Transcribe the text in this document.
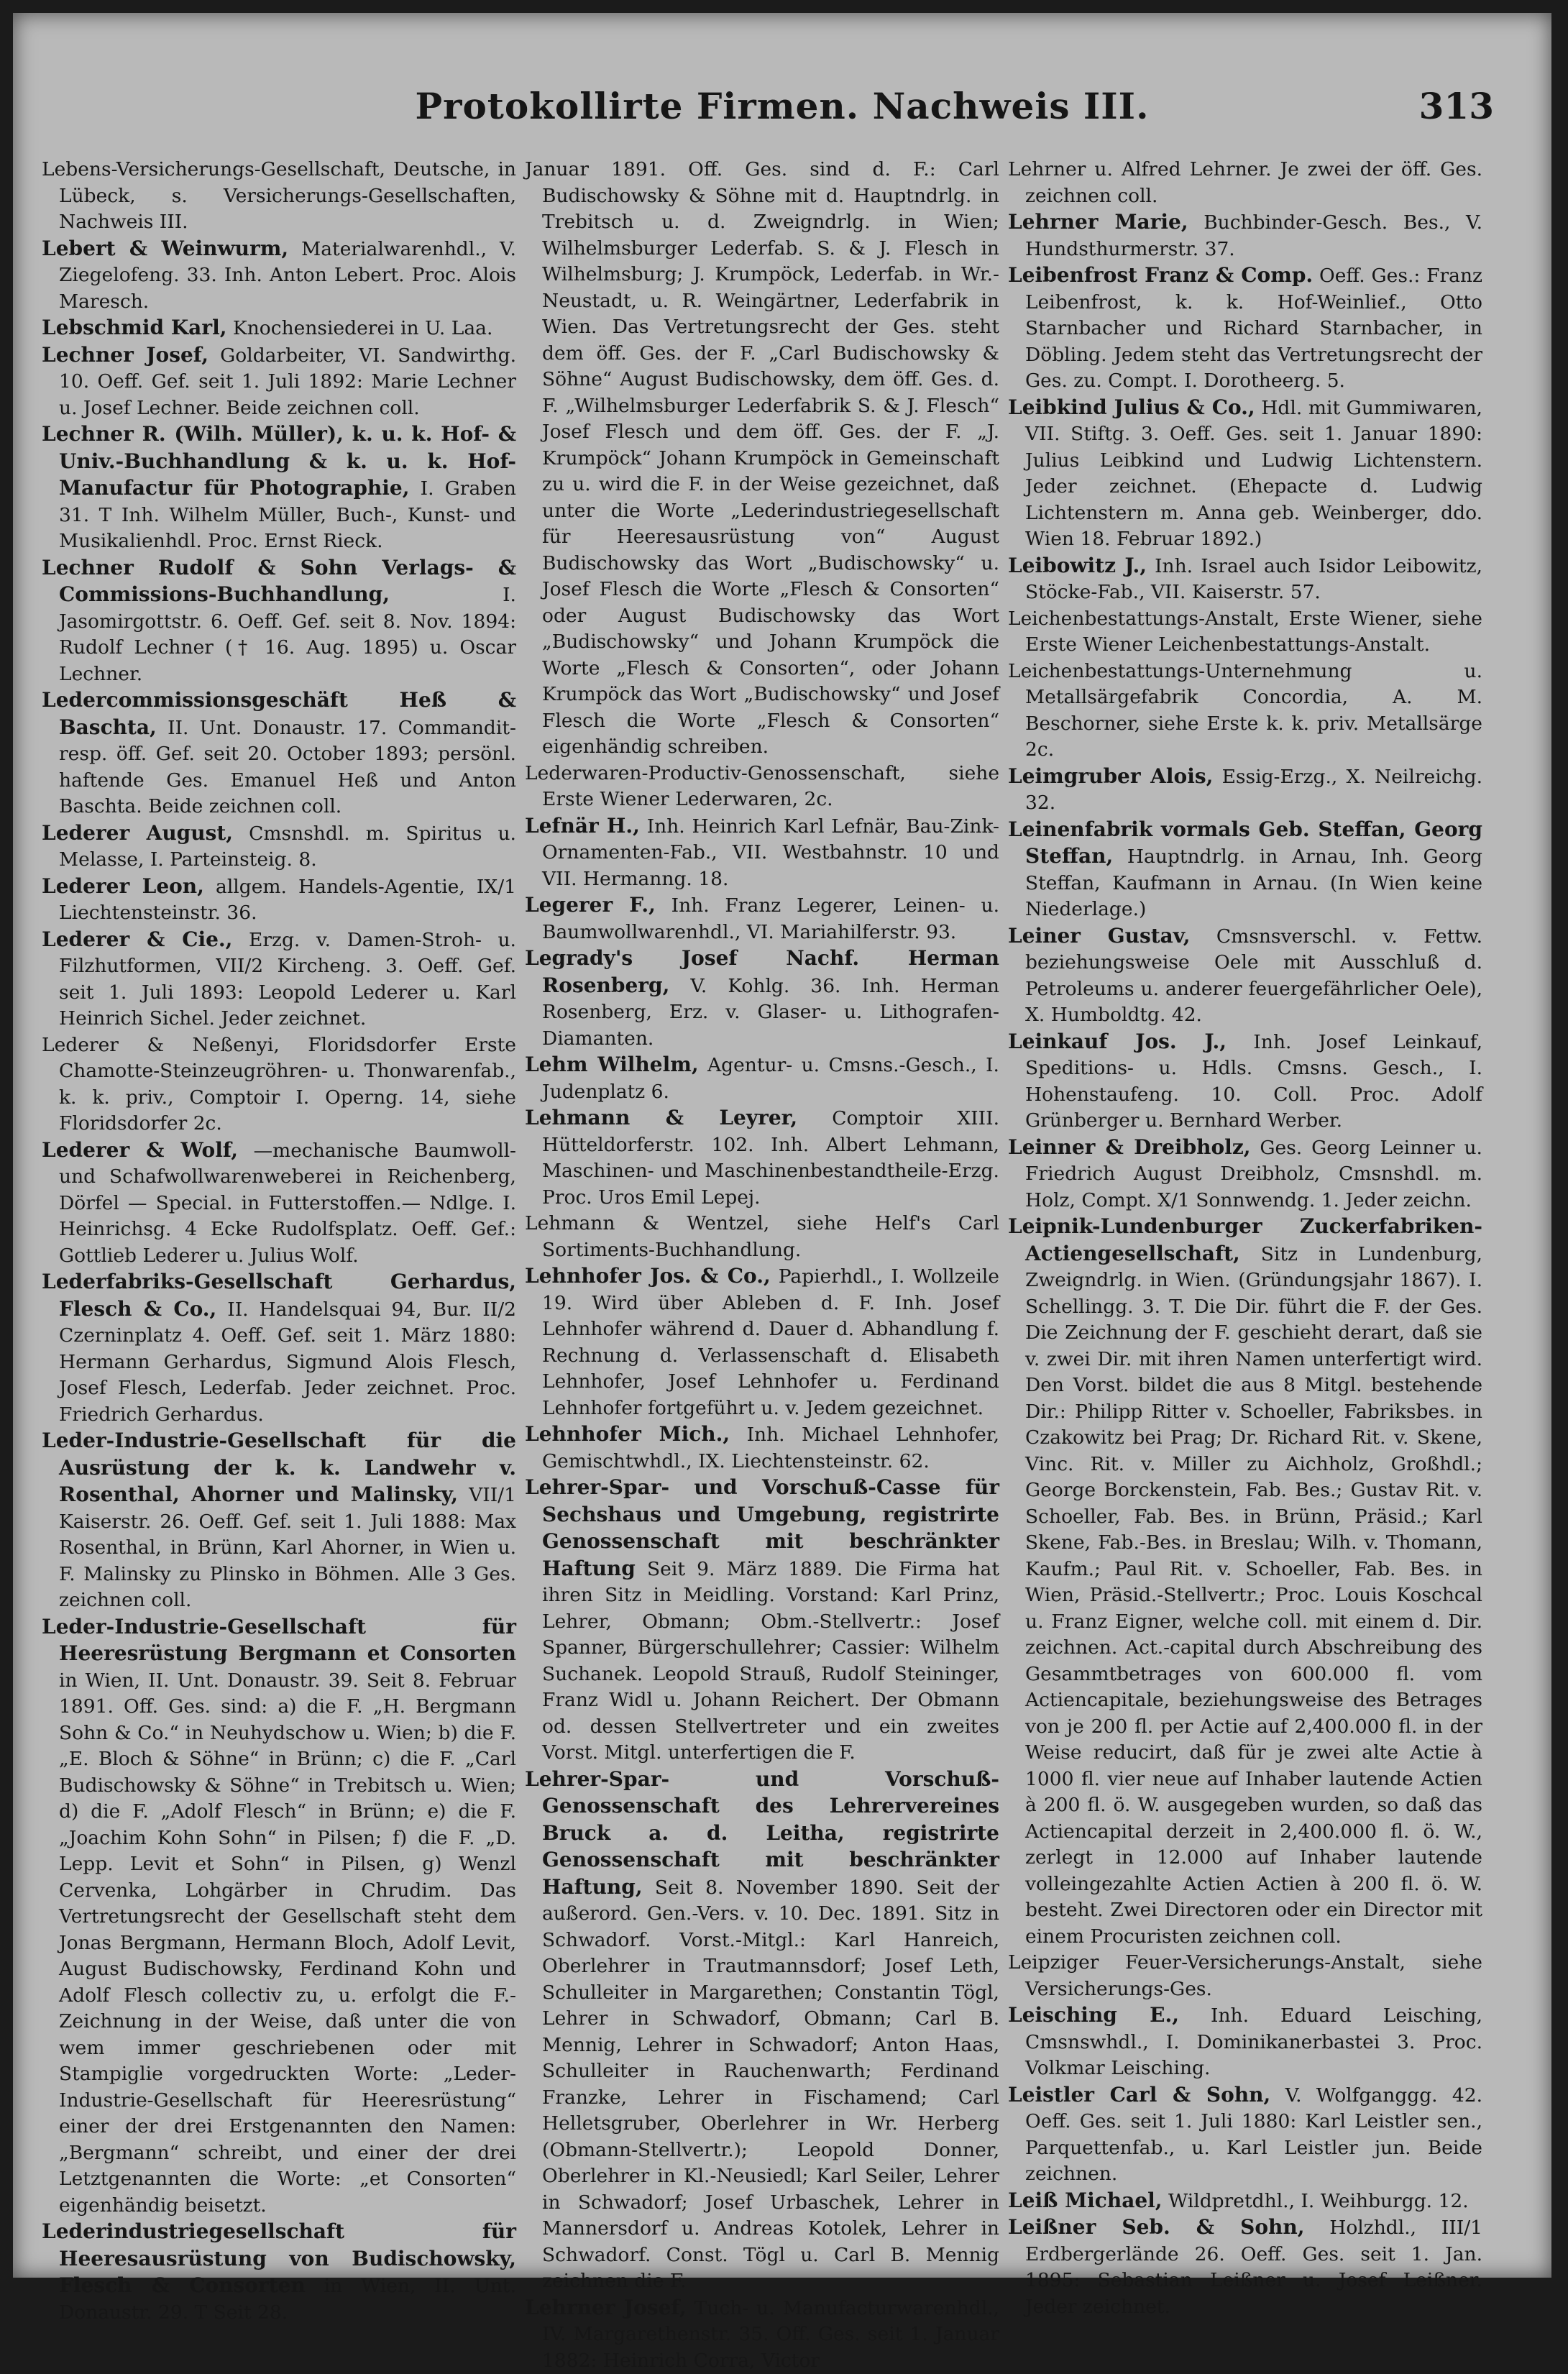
Protokollirte Firmen. Nachweis III.	313

Lebens-Versicherungs-Gesellschaft, Deutsche, in Lübeck, s. Versicherungs-Gesellschaften, Nachweis III.

Lebert & Weinwurm, Materialwarenhdl., V. Ziegelofeng. 33. Inh. Anton Lebert. Proc. Alois Maresch.

Lebschmid Karl, Knochensiederei in U. Laa.

Lechner Josef, Goldarbeiter, VI. Sandwirthg. 10. Oeff. Gef. seit 1. Juli 1892: Marie Lechner u. Josef Lechner. Beide zeichnen coll.

Lechner R. (Wilh. Müller), k. u. k. Hof- & Univ.-Buchhandlung & k. u. k. Hof-Manufactur für Photographie, I. Graben 31. T Inh. Wilhelm Müller, Buch-, Kunst- und Musikalienhdl. Proc. Ernst Rieck.

Lechner Rudolf & Sohn Verlags- & Commissions-Buchhandlung,	I. Jasomirgottstr. 6. Oeff. Gef. seit 8. Nov. 1894: Rudolf Lechner († 16. Aug. 1895) u. Oscar Lechner.

Ledercommissionsgeschäft Heß & Baschta, II. Unt. Donaustr. 17. Commandit- resp. öff. Gef. seit 20. October 1893; persönl. haftende Ges. Emanuel Heß und Anton Baschta. Beide zeichnen coll.

Lederer August, Cmsnshdl. m. Spiritus u. Melasse, I. Parteinsteig. 8.

Lederer Leon, allgem. Handels-Agentie, IX/1 Liechtensteinstr. 36.

Lederer & Cie., Erzg. v. Damen-Stroh- u. Filzhutformen, VII/2 Kircheng. 3. Oeff. Gef. seit 1. Juli 1893: Leopold Lederer u. Karl Heinrich Sichel. Jeder zeichnet.

Lederer & Neßenyi, Floridsdorfer Erste Chamotte-Steinzeugröhren- u. Thonwarenfab., k. k. priv., Comptoir I. Operng. 14, siehe Floridsdorfer 2c.

Lederer & Wolf, —mechanische Baumwoll- und Schafwollwarenweberei in Reichenberg, Dörfel — Special. in Futterstoffen.— Ndlge. I. Heinrichsg. 4 Ecke Rudolfsplatz. Oeff. Gef.: Gottlieb Lederer u. Julius Wolf.

Lederfabriks-Gesellschaft Gerhardus, Flesch & Co., II. Handelsquai 94, Bur. II/2 Czerninplatz 4. Oeff. Gef. seit 1. März 1880: Hermann Gerhardus, Sigmund Alois Flesch, Josef Flesch, Lederfab. Jeder zeichnet. Proc. Friedrich Gerhardus.

Leder-Industrie-Gesellschaft für die Ausrüstung der k. k. Landwehr v. Rosenthal, Ahorner und Malinsky, VII/1 Kaiserstr. 26. Oeff. Gef. seit 1. Juli 1888: Max Rosenthal, in Brünn, Karl Ahorner, in Wien u. F. Malinsky zu Plinsko in Böhmen. Alle 3 Ges. zeichnen coll.

Leder-Industrie-Gesellschaft für Heeresrüstung Bergmann et Consorten in Wien, II. Unt. Donaustr. 39. Seit 8. Februar 1891. Off. Ges. sind: a) die F. „H. Bergmann Sohn & Co.“ in Neuhydschow u. Wien; b) die F. „E. Bloch & Söhne“ in Brünn; c) die F. „Carl Budischowsky & Söhne“ in Trebitsch u. Wien; d) die F. „Adolf Flesch“ in Brünn; e) die F. „Joachim Kohn Sohn“ in Pilsen; f) die F. „D. Lepp. Levit et Sohn“ in Pilsen, g) Wenzl Cervenka, Lohgärber in Chrudim. Das Vertretungsrecht der Gesellschaft steht dem Jonas Bergmann, Hermann Bloch, Adolf Levit, August Budischowsky, Ferdinand Kohn und Adolf Flesch collectiv zu, u. erfolgt die F.-Zeichnung in der Weise, daß unter die von wem immer geschriebenen oder mit Stampiglie vorgedruckten Worte: „Leder-Industrie-Gesellschaft für Heeresrüstung“ einer der drei Erstgenannten den Namen: „Bergmann“ schreibt, und einer der drei Letztgenannten die Worte: „et Consorten“ eigenhändig beisetzt.

Lederindustriegesellschaft für Heeresausrüstung von Budischowsky, Flesch & Consorten in Wien, II. Unt. Donaustr. 29. T Seit 28.

Januar 1891. Off. Ges. sind d. F.: Carl Budischowsky & Söhne mit d. Hauptndrlg. in Trebitsch u. d. Zweigndrlg. in Wien; Wilhelmsburger Lederfab. S. & J. Flesch in Wilhelmsburg; J. Krumpöck, Lederfab. in Wr.-Neustadt, u. R. Weingärtner, Lederfabrik in Wien. Das Vertretungsrecht der Ges. steht dem öff. Ges. der F. „Carl Budischowsky & Söhne“ August Budischowsky, dem öff. Ges. d. F. „Wilhelmsburger Lederfabrik S. & J. Flesch“ Josef Flesch und dem öff. Ges. der F. „J. Krumpöck“ Johann Krumpöck in Gemeinschaft zu u. wird die F. in der Weise gezeichnet, daß unter die Worte „Lederindustriegesellschaft für Heeresausrüstung von“ August Budischowsky das Wort „Budischowsky“ u. Josef Flesch die Worte „Flesch & Consorten“ oder August Budischowsky das Wort „Budischowsky“ und Johann Krumpöck die Worte „Flesch & Consorten“, oder Johann Krumpöck das Wort „Budischowsky“ und Josef Flesch die Worte „Flesch & Consorten“ eigenhändig schreiben.

Lederwaren-Productiv-Genossenschaft, siehe Erste Wiener Lederwaren, 2c.

Lefnär H., Inh. Heinrich Karl Lefnär, Bau-Zink-Ornamenten-Fab., VII. Westbahnstr. 10 und VII. Hermanng. 18.

Legerer F., Inh. Franz Legerer, Leinen- u. Baumwollwarenhdl., VI. Mariahilferstr. 93.

Legrady's Josef Nachf. Herman Rosenberg, V. Kohlg. 36. Inh. Herman Rosenberg, Erz. v. Glaser- u. Lithografen-Diamanten.

Lehm Wilhelm, Agentur- u. Cmsns.-Gesch., I. Judenplatz 6.

Lehmann & Leyrer, Comptoir XIII. Hütteldorferstr. 102. Inh. Albert Lehmann, Maschinen- und Maschinenbestandtheile-Erzg. Proc. Uros Emil Lepej.

Lehmann & Wentzel, siehe Helf's Carl Sortiments-Buchhandlung.

Lehnhofer Jos. & Co., Papierhdl., I. Wollzeile 19. Wird über Ableben d. F. Inh. Josef Lehnhofer während d. Dauer d. Abhandlung f. Rechnung d. Verlassenschaft d. Elisabeth Lehnhofer, Josef Lehnhofer u. Ferdinand Lehnhofer fortgeführt u. v. Jedem gezeichnet.

Lehnhofer Mich., Inh. Michael Lehnhofer, Gemischtwhdl., IX. Liechtensteinstr. 62.

Lehrer-Spar- und Vorschuß-Casse für Sechshaus und Umgebung, registrirte Genossenschaft mit beschränkter Haftung Seit 9. März 1889. Die Firma hat ihren Sitz in Meidling. Vorstand: Karl Prinz, Lehrer, Obmann; Obm.-Stellvertr.: Josef Spanner, Bürgerschullehrer; Cassier: Wilhelm Suchanek. Leopold Strauß, Rudolf Steininger, Franz Widl u. Johann Reichert. Der Obmann od. dessen Stellvertreter und ein zweites Vorst. Mitgl. unterfertigen die F.

Lehrer-Spar- und Vorschuß-Genossenschaft des Lehrervereines Bruck a. d. Leitha, registrirte Genossenschaft mit beschränkter Haftung, Seit 8. November 1890. Seit der außerord. Gen.-Vers. v. 10. Dec. 1891. Sitz in Schwadorf. Vorst.-Mitgl.: Karl Hanreich, Oberlehrer in Trautmannsdorf; Josef Leth, Schulleiter in Margarethen; Constantin Tögl, Lehrer in Schwadorf, Obmann; Carl B. Mennig, Lehrer in Schwadorf; Anton Haas, Schulleiter in Rauchenwarth; Ferdinand Franzke, Lehrer in Fischamend; Carl Helletsgruber, Oberlehrer in Wr. Herberg (Obmann-Stellvertr.); Leopold Donner, Oberlehrer in Kl.-Neusiedl; Karl Seiler, Lehrer in Schwadorf; Josef Urbaschek, Lehrer in Mannersdorf u. Andreas Kotolek, Lehrer in Schwadorf. Const. Tögl u. Carl B. Mennig zeichnen die F.

Lehrner Josef, Tuch- u. Manufacturwarenhdl., IV. Margarethenstr. 35. Off. Ges. seit 1. Januar 1882: Heinrich Corra, Victor

Lehrner u. Alfred Lehrner. Je zwei der öff. Ges. zeichnen coll.

Lehrner Marie, Buchbinder-Gesch. Bes., V. Hundsthurmerstr. 37.

Leibenfrost Franz & Comp. Oeff. Ges.: Franz Leibenfrost, k. k. Hof-Weinlief., Otto Starnbacher und Richard Starnbacher, in Döbling. Jedem steht das Vertretungsrecht der Ges. zu. Compt. I. Dorotheerg. 5.

Leibkind Julius & Co., Hdl. mit Gummiwaren, VII. Stiftg. 3. Oeff. Ges. seit 1. Januar 1890: Julius Leibkind und Ludwig Lichtenstern. Jeder zeichnet. (Ehepacte d. Ludwig Lichtenstern m. Anna geb. Weinberger, ddo. Wien 18. Februar 1892.)

Leibowitz J., Inh. Israel auch Isidor Leibowitz, Stöcke-Fab., VII. Kaiserstr. 57.

Leichenbestattungs-Anstalt, Erste Wiener, siehe Erste Wiener Leichenbestattungs-Anstalt.

Leichenbestattungs-Unternehmung u. Metallsärgefabrik Concordia, A. M. Beschorner, siehe Erste k. k. priv. Metallsärge 2c.

Leimgruber Alois, Essig-Erzg., X. Neilreichg. 32.

Leinenfabrik vormals Geb. Steffan, Georg Steffan, Hauptndrlg. in Arnau, Inh. Georg Steffan, Kaufmann in Arnau. (In Wien keine Niederlage.)

Leiner Gustav, Cmsnsverschl. v. Fettw. beziehungsweise Oele mit Ausschluß d. Petroleums u. anderer feuergefährlicher Oele), X. Humboldtg. 42.

Leinkauf Jos. J., Inh. Josef Leinkauf, Speditions- u. Hdls. Cmsns. Gesch., I. Hohenstaufeng. 10. Coll. Proc. Adolf Grünberger u. Bernhard Werber.

Leinner & Dreibholz, Ges. Georg Leinner u. Friedrich August Dreibholz, Cmsnshdl. m. Holz, Compt. X/1 Sonnwendg. 1. Jeder zeichn.

Leipnik-Lundenburger Zuckerfabriken-Actiengesellschaft, Sitz in Lundenburg, Zweigndrlg. in Wien. (Gründungsjahr 1867). I. Schellingg. 3. T. Die Dir. führt die F. der Ges. Die Zeichnung der F. geschieht derart, daß sie v. zwei Dir. mit ihren Namen unterfertigt wird. Den Vorst. bildet die aus 8 Mitgl. bestehende Dir.: Philipp Ritter v. Schoeller, Fabriksbes. in Czakowitz bei Prag; Dr. Richard Rit. v. Skene, Vinc. Rit. v. Miller zu Aichholz, Großhdl.; George Borckenstein, Fab. Bes.; Gustav Rit. v. Schoeller, Fab. Bes. in Brünn, Präsid.; Karl Skene, Fab.-Bes. in Breslau; Wilh. v. Thomann, Kaufm.; Paul Rit. v. Schoeller, Fab. Bes. in Wien, Präsid.-Stellvertr.; Proc. Louis Koschcal u. Franz Eigner, welche coll. mit einem d. Dir. zeichnen. Act.-capital durch Abschreibung des Gesammtbetrages von 600.000 fl. vom Actiencapitale, beziehungsweise des Betrages von je 200 fl. per Actie auf 2,400.000 fl. in der Weise reducirt, daß für je zwei alte Actie à 1000 fl. vier neue auf Inhaber lautende Actien à 200 fl. ö. W. ausgegeben wurden, so daß das Actiencapital derzeit in 2,400.000 fl. ö. W., zerlegt in 12.000 auf Inhaber lautende volleingezahlte Actien Actien à 200 fl. ö. W. besteht. Zwei Directoren oder ein Director mit einem Procuristen zeichnen coll.

Leipziger Feuer-Versicherungs-Anstalt, siehe Versicherungs-Ges.

Leisching E., Inh. Eduard Leisching, Cmsnswhdl., I. Dominikanerbastei 3. Proc. Volkmar Leisching.

Leistler Carl & Sohn, V. Wolfganggg. 42. Oeff. Ges. seit 1. Juli 1880: Karl Leistler sen., Parquettenfab., u. Karl Leistler jun. Beide zeichnen.

Leiß Michael, Wildpretdhl., I. Weihburgg. 12.

Leißner Seb. & Sohn, Holzhdl., III/1 Erdbergerlände 26. Oeff. Ges. seit 1. Jan. 1895: Sebastian Leißner u. Josef Leißner. Jeder zeichnet.
